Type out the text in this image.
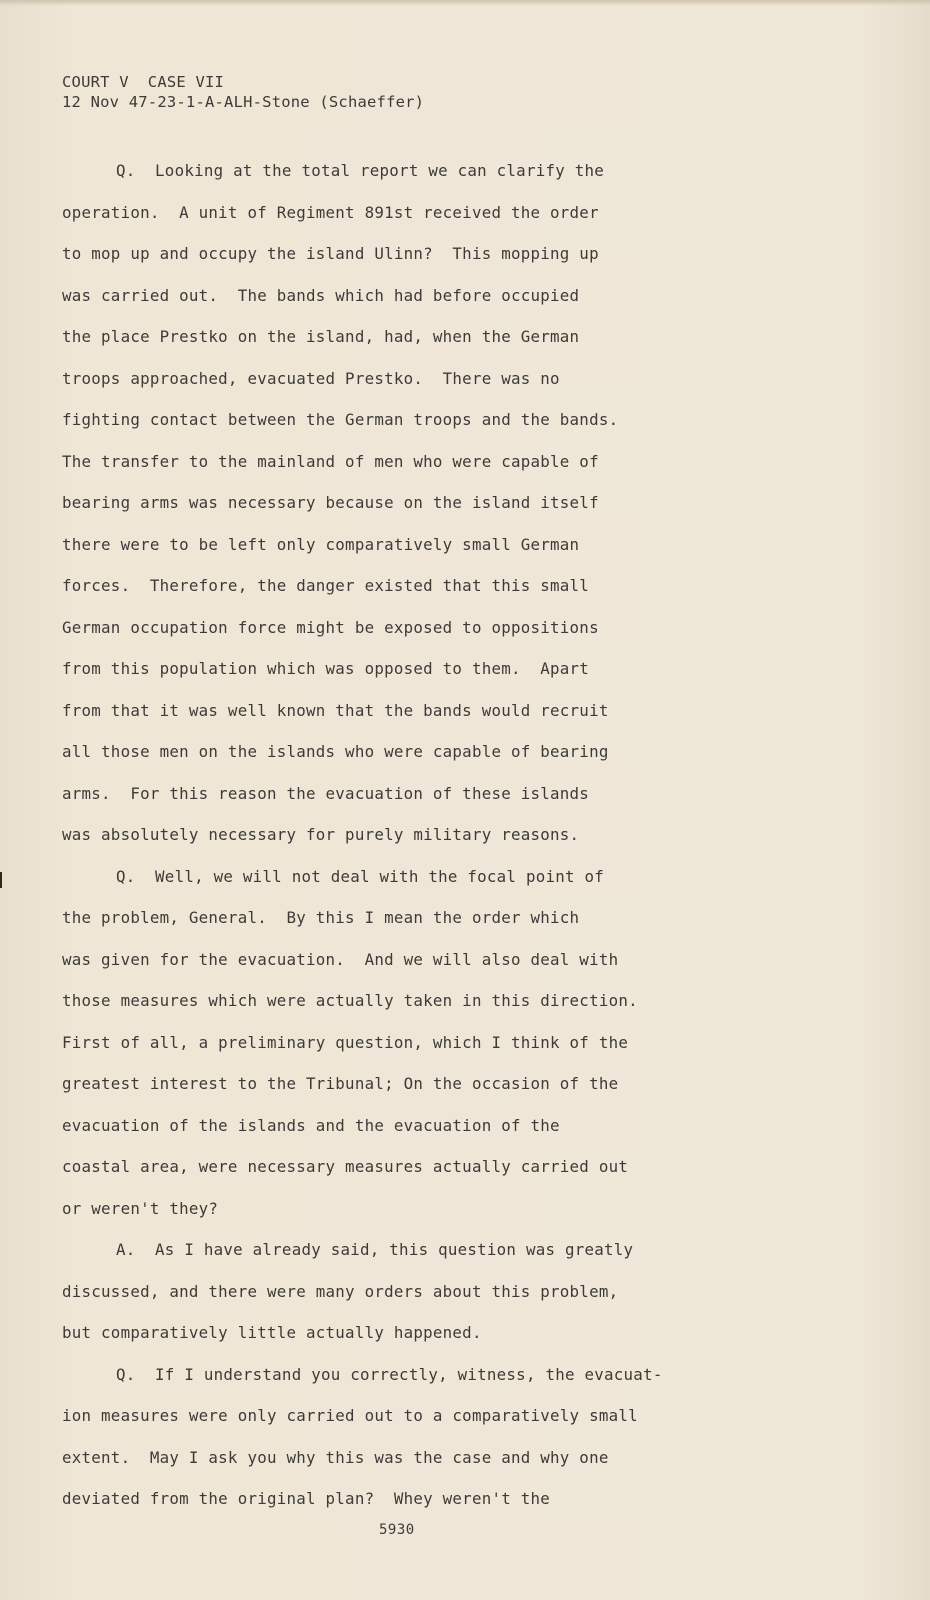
COURT V  CASE VII
12 Nov 47-23-1-A-ALH-Stone (Schaeffer)
Q.  Looking at the total report we can clarify the
operation.  A unit of Regiment 891st received the order
to mop up and occupy the island Ulinn?  This mopping up
was carried out.  The bands which had before occupied
the place Prestko on the island, had, when the German
troops approached, evacuated Prestko.  There was no
fighting contact between the German troops and the bands.
The transfer to the mainland of men who were capable of
bearing arms was necessary because on the island itself
there were to be left only comparatively small German
forces.  Therefore, the danger existed that this small
German occupation force might be exposed to oppositions
from this population which was opposed to them.  Apart
from that it was well known that the bands would recruit
all those men on the islands who were capable of bearing
arms.  For this reason the evacuation of these islands
was absolutely necessary for purely military reasons.
Q.  Well, we will not deal with the focal point of
the problem, General.  By this I mean the order which
was given for the evacuation.  And we will also deal with
those measures which were actually taken in this direction.
First of all, a preliminary question, which I think of the
greatest interest to the Tribunal; On the occasion of the
evacuation of the islands and the evacuation of the
coastal area, were necessary measures actually carried out
or weren't they?
A.  As I have already said, this question was greatly
discussed, and there were many orders about this problem,
but comparatively little actually happened.
Q.  If I understand you correctly, witness, the evacuat-
ion measures were only carried out to a comparatively small
extent.  May I ask you why this was the case and why one
deviated from the original plan?  Whey weren't the
5930
